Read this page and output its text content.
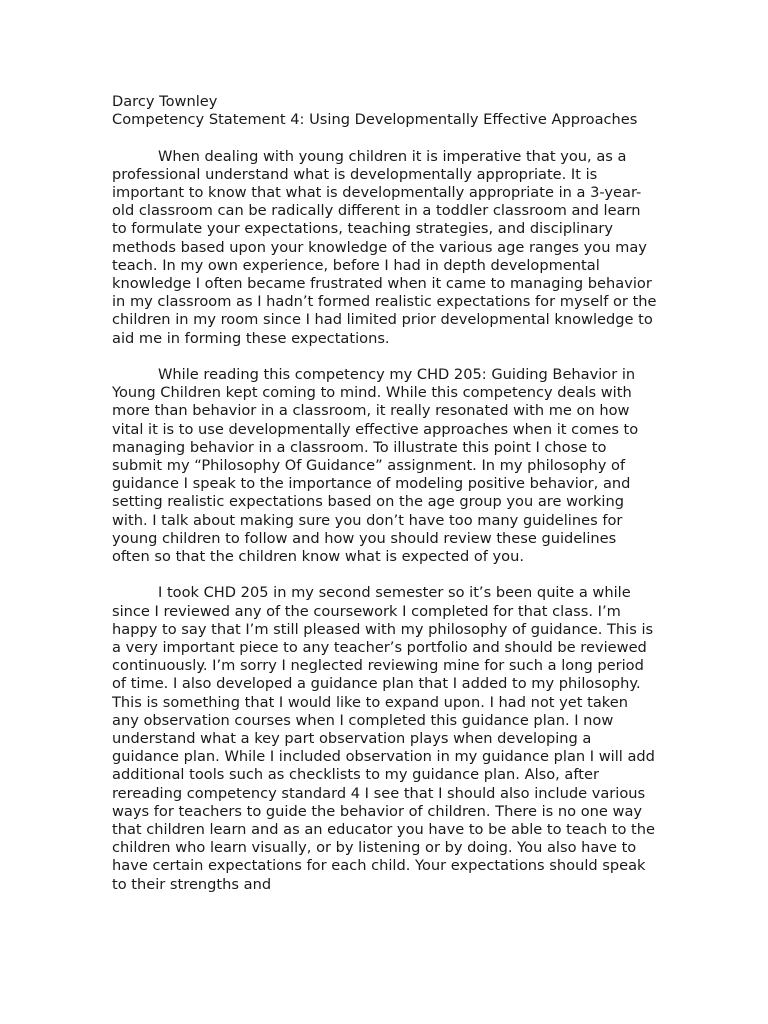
Darcy Townley

Competency Statement 4: Using Developmentally Effective Approaches

When dealing with young children it is imperative that you, as a professional understand what is developmentally appropriate. It is important to know that what is developmentally appropriate in a 3-year-old classroom can be radically different in a toddler classroom and learn to formulate your expectations, teaching strategies, and disciplinary methods based upon your knowledge of the various age ranges you may teach. In my own experience, before I had in depth developmental knowledge I often became frustrated when it came to managing behavior in my classroom as I hadn’t formed realistic expectations for myself or the children in my room since I had limited prior developmental knowledge to aid me in forming these expectations.

While reading this competency my CHD 205: Guiding Behavior in Young Children kept coming to mind. While this competency deals with more than behavior in a classroom, it really resonated with me on how vital it is to use developmentally effective approaches when it comes to managing behavior in a classroom. To illustrate this point I chose to submit my “Philosophy Of Guidance” assignment. In my philosophy of guidance I speak to the importance of modeling positive behavior, and setting realistic expectations based on the age group you are working with. I talk about making sure you don’t have too many guidelines for young children to follow and how you should review these guidelines often so that the children know what is expected of you.

I took CHD 205 in my second semester so it’s been quite a while since I reviewed any of the coursework I completed for that class. I’m happy to say that I’m still pleased with my philosophy of guidance. This is a very important piece to any teacher’s portfolio and should be reviewed continuously. I’m sorry I neglected reviewing mine for such a long period of time. I also developed a guidance plan that I added to my philosophy. This is something that I would like to expand upon. I had not yet taken any observation courses when I completed this guidance plan. I now understand what a key part observation plays when developing a guidance plan. While I included observation in my guidance plan I will add additional tools such as checklists to my guidance plan. Also, after rereading competency standard 4 I see that I should also include various ways for teachers to guide the behavior of children. There is no one way that children learn and as an educator you have to be able to teach to the children who learn visually, or by listening or by doing. You also have to have certain expectations for each child. Your expectations should speak to their strengths and
